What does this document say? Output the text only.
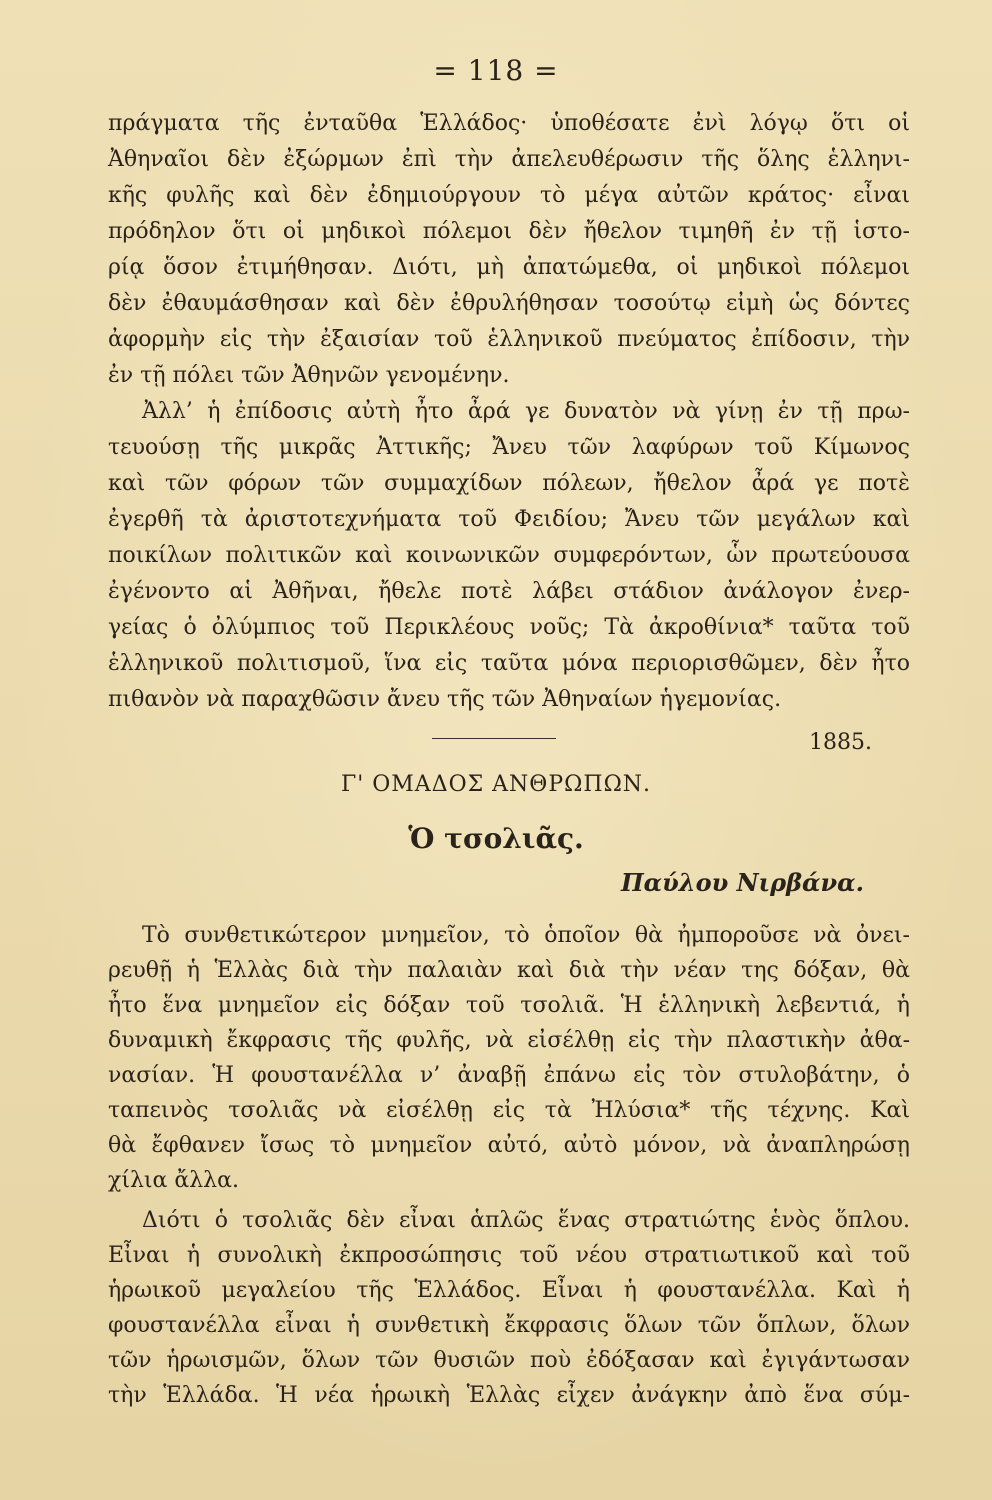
= 118 =
πράγματα τῆς ἐνταῦθα Ἑλλάδος· ὑποθέσατε ἐνὶ λόγῳ ὅτι οἱ
Ἀθηναῖοι δὲν ἐξώρμων ἐπὶ τὴν ἀπελευθέρωσιν τῆς ὅλης ἑλληνι-
κῆς φυλῆς καὶ δὲν ἐδημιούργουν τὸ μέγα αὐτῶν κράτος· εἶναι
πρόδηλον ὅτι οἱ μηδικοὶ πόλεμοι δὲν ἤθελον τιμηθῆ ἐν τῇ ἱστο-
ρίᾳ ὅσον ἐτιμήθησαν. Διότι, μὴ ἀπατώμεθα, οἱ μηδικοὶ πόλεμοι
δὲν ἐθαυμάσθησαν καὶ δὲν ἐθρυλήθησαν τοσούτῳ εἰμὴ ὡς δόντες
ἀφορμὴν εἰς τὴν ἐξαισίαν τοῦ ἑλληνικοῦ πνεύματος ἐπίδοσιν, τὴν
ἐν τῇ πόλει τῶν Ἀθηνῶν γενομένην.
Ἀλλ’ ἡ ἐπίδοσις αὐτὴ ἦτο ἆρά γε δυνατὸν νὰ γίνῃ ἐν τῇ πρω-
τευούσῃ τῆς μικρᾶς Ἀττικῆς; Ἄνευ τῶν λαφύρων τοῦ Κίμωνος
καὶ τῶν φόρων τῶν συμμαχίδων πόλεων, ἤθελον ἆρά γε ποτὲ
ἐγερθῆ τὰ ἀριστοτεχνήματα τοῦ Φειδίου; Ἄνευ τῶν μεγάλων καὶ
ποικίλων πολιτικῶν καὶ κοινωνικῶν συμφερόντων, ὧν πρωτεύουσα
ἐγένοντο αἱ Ἀθῆναι, ἤθελε ποτὲ λάβει στάδιον ἀνάλογον ἐνερ-
γείας ὁ ὀλύμπιος τοῦ Περικλέους νοῦς; Τὰ ἀκροθίνια* ταῦτα τοῦ
ἑλληνικοῦ πολιτισμοῦ, ἵνα εἰς ταῦτα μόνα περιορισθῶμεν, δὲν ἦτο
πιθανὸν νὰ παραχθῶσιν ἄνευ τῆς τῶν Ἀθηναίων ἡγεμονίας.
1885.
Γ' ΟΜΑΔΟΣ ΑΝΘΡΩΠΩΝ.
Ὁ τσολιᾶς.
Παύλου Νιρβάνα.
Τὸ συνθετικώτερον μνημεῖον, τὸ ὁποῖον θὰ ἠμποροῦσε νὰ ὀνει-
ρευθῇ ἡ Ἑλλὰς διὰ τὴν παλαιὰν καὶ διὰ τὴν νέαν της δόξαν, θὰ
ἦτο ἕνα μνημεῖον εἰς δόξαν τοῦ τσολιᾶ. Ἡ ἑλληνικὴ λεβεντιά, ἡ
δυναμικὴ ἔκφρασις τῆς φυλῆς, νὰ εἰσέλθῃ εἰς τὴν πλαστικὴν ἀθα-
νασίαν. Ἡ φουστανέλλα ν’ ἀναβῇ ἐπάνω εἰς τὸν στυλοβάτην, ὁ
ταπεινὸς τσολιᾶς νὰ εἰσέλθῃ εἰς τὰ Ἠλύσια* τῆς τέχνης. Καὶ
θὰ ἔφθανεν ἴσως τὸ μνημεῖον αὐτό, αὐτὸ μόνον, νὰ ἀναπληρώσῃ
χίλια ἄλλα.
Διότι ὁ τσολιᾶς δὲν εἶναι ἁπλῶς ἕνας στρατιώτης ἑνὸς ὅπλου.
Εἶναι ἡ συνολικὴ ἐκπροσώπησις τοῦ νέου στρατιωτικοῦ καὶ τοῦ
ἡρωικοῦ μεγαλείου τῆς Ἑλλάδος. Εἶναι ἡ φουστανέλλα. Καὶ ἡ
φουστανέλλα εἶναι ἡ συνθετικὴ ἔκφρασις ὅλων τῶν ὅπλων, ὅλων
τῶν ἡρωισμῶν, ὅλων τῶν θυσιῶν ποὺ ἐδόξασαν καὶ ἐγιγάντωσαν
τὴν Ἑλλάδα. Ἡ νέα ἡρωικὴ Ἑλλὰς εἶχεν ἀνάγκην ἀπὸ ἕνα σύμ-
